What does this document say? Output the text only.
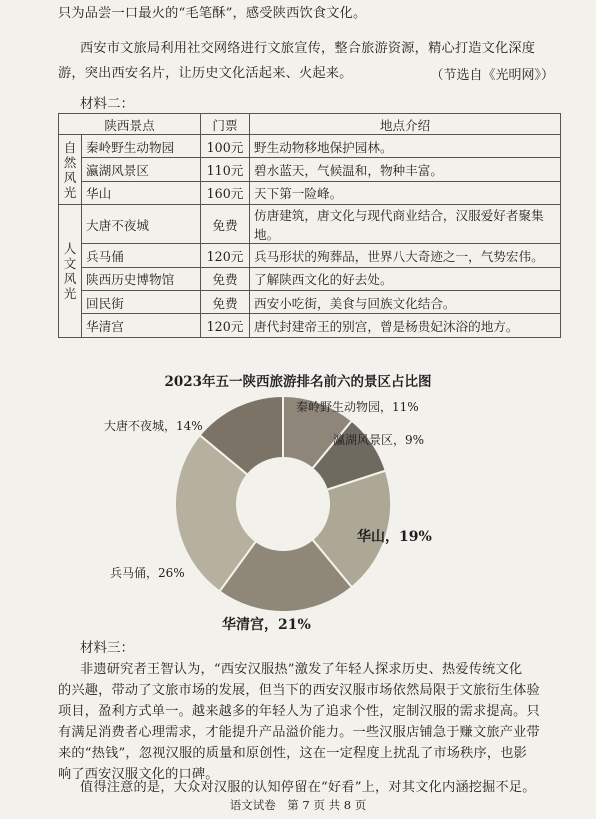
只为品尝一口最火的“毛笔酥”，感受陕西饮食文化。
西安市文旅局利用社交网络进行文旅宣传，整合旅游资源，精心打造文化深度
游，突出西安名片，让历史文化活起来、火起来。	（节选自《光明网》）
材料二：
陕西景点		门票	地点介绍
自然风光	秦岭野生动物园	100元	野生动物移地保护园林。
	瀛湖风景区	110元	碧水蓝天，气候温和，物种丰富。
	华山	160元	天下第一险峰。
人文风光	大唐不夜城	免费	仿唐建筑，唐文化与现代商业结合，汉服爱好者聚集地。
	兵马俑	120元	兵马形状的殉葬品，世界八大奇迹之一，气势宏伟。
	陕西历史博物馆	免费	了解陕西文化的好去处。
	回民街	免费	西安小吃街，美食与回族文化结合。
	华清宫	120元	唐代封建帝王的别宫，曾是杨贵妃沐浴的地方。
2023年五一陕西旅游排名前六的景区占比图
秦岭野生动物园，11%
瀛湖风景区，9%
华山，19%
华清宫，21%
兵马俑，26%
大唐不夜城，14%
材料三：
非遗研究者王智认为，“西安汉服热”激发了年轻人探求历史、热爱传统文化
的兴趣，带动了文旅市场的发展，但当下的西安汉服市场依然局限于文旅衍生体验
项目，盈利方式单一。越来越多的年轻人为了追求个性，定制汉服的需求提高。只
有满足消费者心理需求，才能提升产品溢价能力。一些汉服店铺急于赚文旅产业带
来的“热钱”，忽视汉服的质量和原创性，这在一定程度上扰乱了市场秩序，也影
响了西安汉服文化的口碑。
值得注意的是，大众对汉服的认知停留在“好看”上，对其文化内涵挖掘不足。
语文试卷　第 7 页 共 8 页
